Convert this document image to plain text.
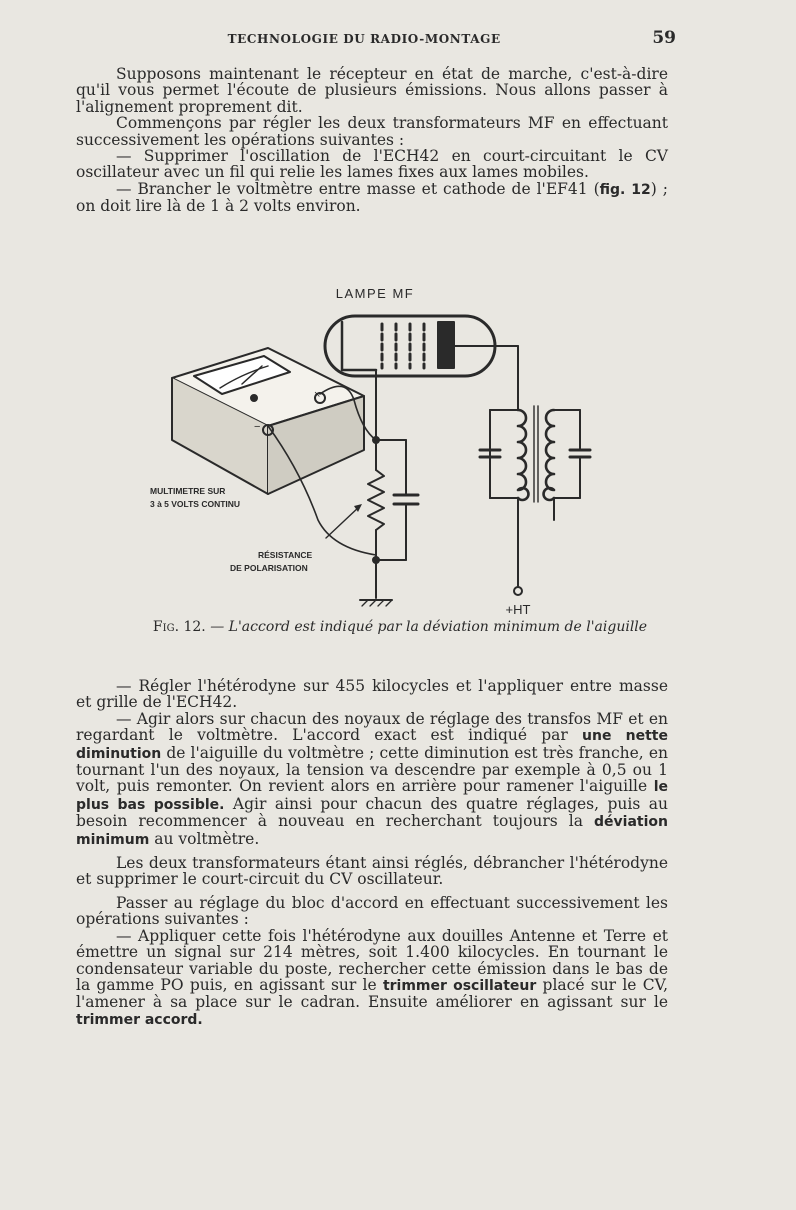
TECHNOLOGIE DU RADIO-MONTAGE	59

Supposons maintenant le récepteur en état de marche, c'est-à-dire qu'il vous permet l'écoute de plusieurs émissions. Nous allons passer à l'alignement proprement dit.

Commençons par régler les deux transformateurs MF en effectuant successivement les opérations suivantes :

— Supprimer l'oscillation de l'ECH42 en court-circuitant le CV oscillateur avec un fil qui relie les lames fixes aux lames mobiles.

— Brancher le voltmètre entre masse et cathode de l'EF41 (fig. 12) ; on doit lire là de 1 à 2 volts environ.

LAMPE MF
×
−
+HT
MULTIMETRE SUR
3 à 5 VOLTS CONTINU
RÉSISTANCE
DE POLARISATION
Fig. 12. — L'accord est indiqué par la déviation minimum de l'aiguille

— Régler l'hétérodyne sur 455 kilocycles et l'appliquer entre masse et grille de l'ECH42.

— Agir alors sur chacun des noyaux de réglage des transfos MF et en regardant le voltmètre. L'accord exact est indiqué par une nette diminution de l'aiguille du voltmètre ; cette diminution est très franche, en tournant l'un des noyaux, la tension va descendre par exemple à 0,5 ou 1 volt, puis remonter. On revient alors en arrière pour ramener l'aiguille le plus bas possible. Agir ainsi pour chacun des quatre réglages, puis au besoin recommencer à nouveau en recherchant toujours la déviation minimum au voltmètre.

Les deux transformateurs étant ainsi réglés, débrancher l'hétérodyne et supprimer le court-circuit du CV oscillateur.

Passer au réglage du bloc d'accord en effectuant successivement les opérations suivantes :

— Appliquer cette fois l'hétérodyne aux douilles Antenne et Terre et émettre un signal sur 214 mètres, soit 1.400 kilocycles. En tournant le condensateur variable du poste, rechercher cette émission dans le bas de la gamme PO puis, en agissant sur le trimmer oscillateur placé sur le CV, l'amener à sa place sur le cadran. Ensuite améliorer en agissant sur le trimmer accord.
